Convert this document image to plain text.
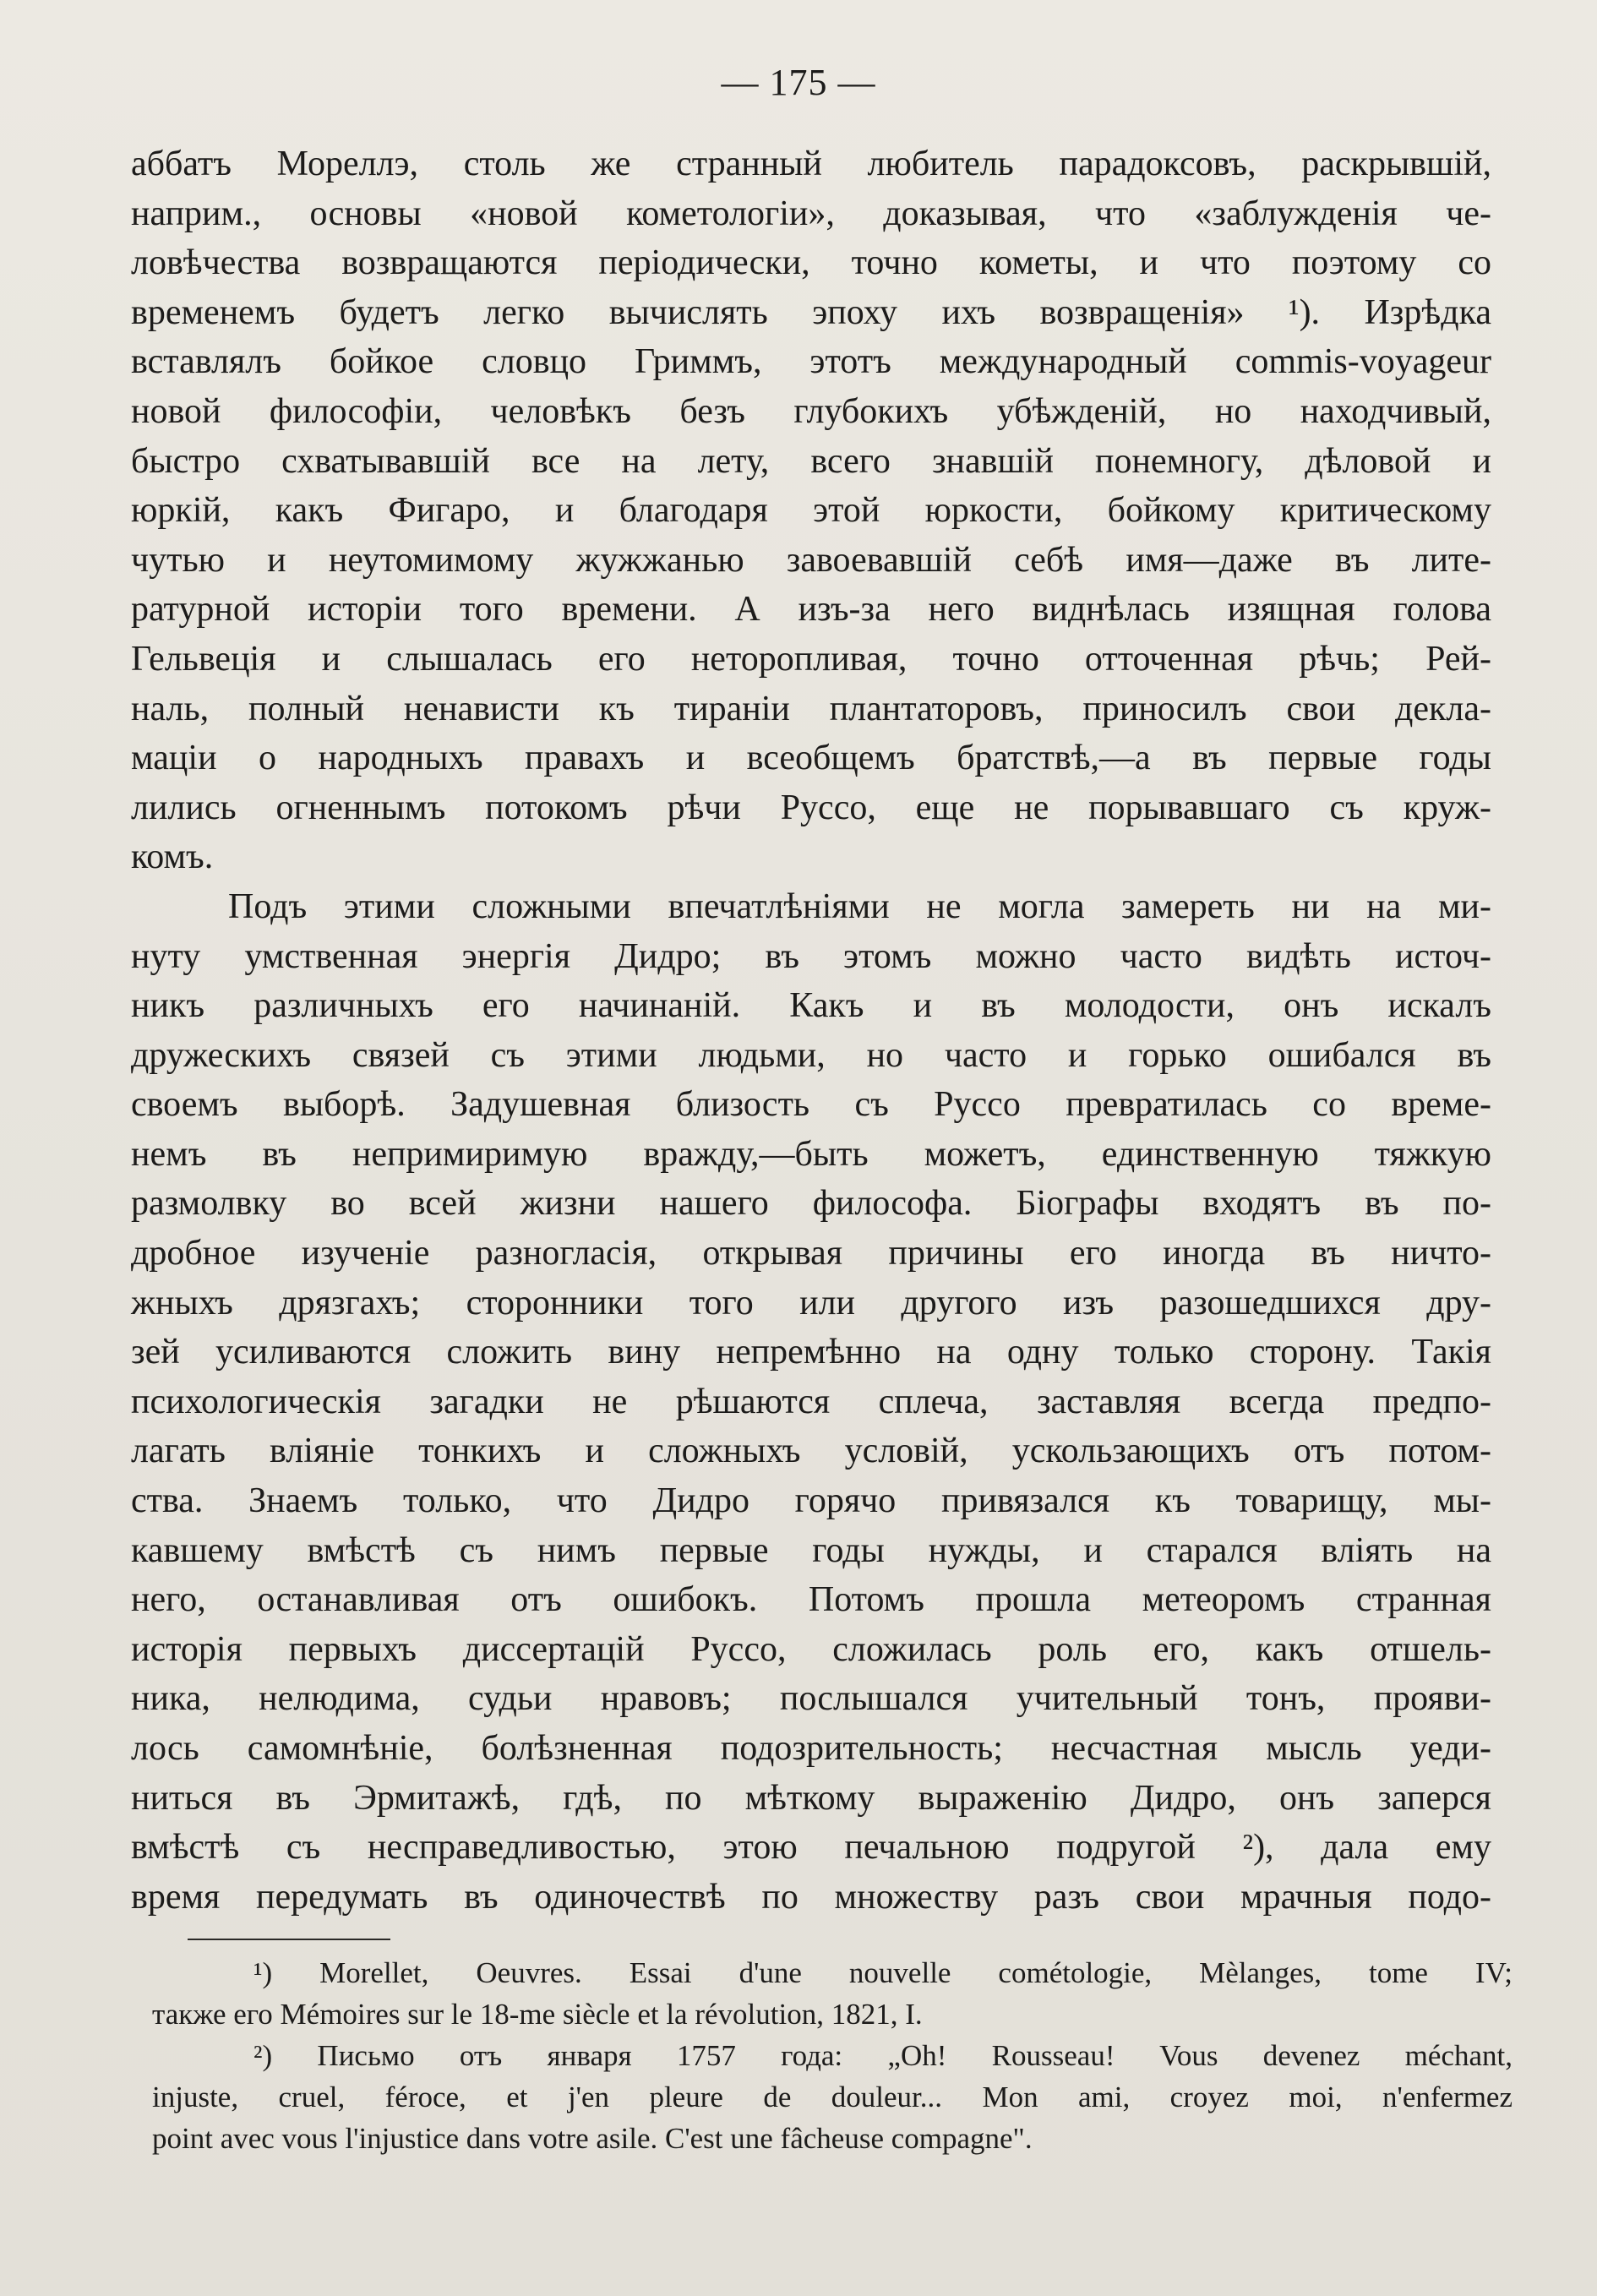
— 175 —
аббатъ Мореллэ, столь же странный любитель парадоксовъ, раскрывшій,
наприм., основы «новой кометологіи», доказывая, что «заблужденія че-
ловѣчества возвращаются періодически, точно кометы, и что поэтому со
временемъ будетъ легко вычислять эпоху ихъ возвращенія» ¹). Изрѣдка
вставлялъ бойкое словцо Гриммъ, этотъ международный commis-voyageur
новой философіи, человѣкъ безъ глубокихъ убѣжденій, но находчивый,
быстро схватывавшій все на лету, всего знавшій понемногу, дѣловой и
юркій, какъ Фигаро, и благодаря этой юркости, бойкому критическому
чутью и неутомимому жужжанью завоевавшій себѣ имя—даже въ лите-
ратурной исторіи того времени. А изъ-за него виднѣлась изящная голова
Гельвеція и слышалась его неторопливая, точно отточенная рѣчь; Рей-
наль, полный ненависти къ тираніи плантаторовъ, приносилъ свои декла-
маціи о народныхъ правахъ и всеобщемъ братствѣ,—а въ первые годы
лились огненнымъ потокомъ рѣчи Руссо, еще не порывавшаго съ круж-
комъ.
Подъ этими сложными впечатлѣніями не могла замереть ни на ми-
нуту умственная энергія Дидро; въ этомъ можно часто видѣть источ-
никъ различныхъ его начинаній. Какъ и въ молодости, онъ искалъ
дружескихъ связей съ этими людьми, но часто и горько ошибался въ
своемъ выборѣ. Задушевная близость съ Руссо превратилась со време-
немъ въ непримиримую вражду,—быть можетъ, единственную тяжкую
размолвку во всей жизни нашего философа. Біографы входятъ въ по-
дробное изученіе разногласія, открывая причины его иногда въ ничто-
жныхъ дрязгахъ; сторонники того или другого изъ разошедшихся дру-
зей усиливаются сложить вину непремѣнно на одну только сторону. Такія
психологическія загадки не рѣшаются сплеча, заставляя всегда предпо-
лагать вліяніе тонкихъ и сложныхъ условій, ускользающихъ отъ потом-
ства. Знаемъ только, что Дидро горячо привязался къ товарищу, мы-
кавшему вмѣстѣ съ нимъ первые годы нужды, и старался вліять на
него, останавливая отъ ошибокъ. Потомъ прошла метеоромъ странная
исторія первыхъ диссертацій Руссо, сложилась роль его, какъ отшель-
ника, нелюдима, судьи нравовъ; послышался учительный тонъ, прояви-
лось самомнѣніе, болѣзненная подозрительность; несчастная мысль уеди-
ниться въ Эрмитажѣ, гдѣ, по мѣткому выраженію Дидро, онъ заперся
вмѣстѣ съ несправедливостью, этою печальною подругой ²), дала ему
время передумать въ одиночествѣ по множеству разъ свои мрачныя подо-
¹) Morellet, Oeuvres. Essai d'une nouvelle cométologie, Mèlanges, tome IV;
также его Mémoires sur le 18-me siècle et la révolution, 1821, I.
²) Письмо отъ января 1757 года: „Oh! Rousseau! Vous devenez méchant,
injuste, cruel, féroce, et j'en pleure de douleur... Mon ami, croyez moi, n'enfermez
point avec vous l'injustice dans votre asile. C'est une fâcheuse compagne".
